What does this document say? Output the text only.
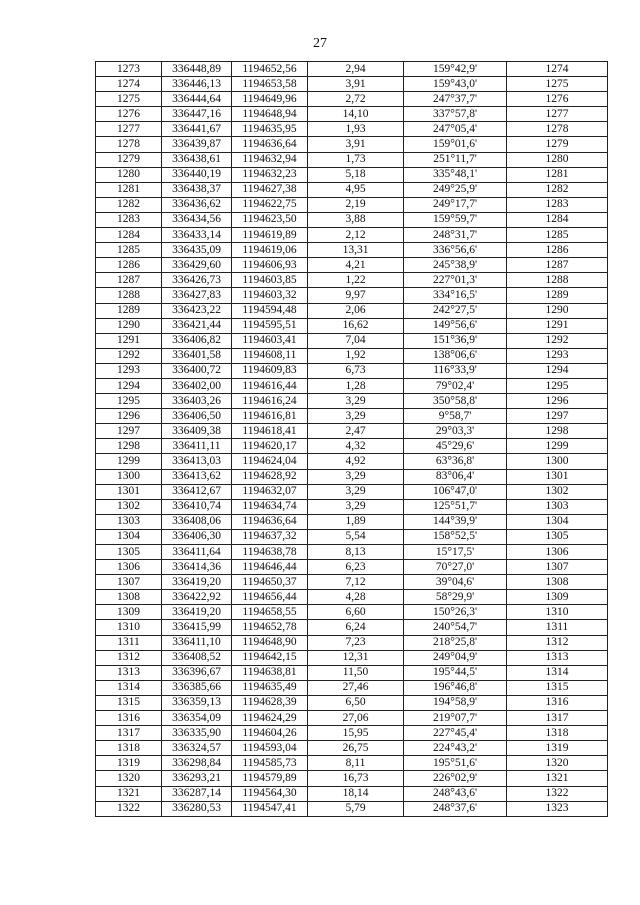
27
1273	336448,89	1194652,56	2,94	159°42,9'	1274
1274	336446,13	1194653,58	3,91	159°43,0'	1275
1275	336444,64	1194649,96	2,72	247°37,7'	1276
1276	336447,16	1194648,94	14,10	337°57,8'	1277
1277	336441,67	1194635,95	1,93	247°05,4'	1278
1278	336439,87	1194636,64	3,91	159°01,6'	1279
1279	336438,61	1194632,94	1,73	251°11,7'	1280
1280	336440,19	1194632,23	5,18	335°48,1'	1281
1281	336438,37	1194627,38	4,95	249°25,9'	1282
1282	336436,62	1194622,75	2,19	249°17,7'	1283
1283	336434,56	1194623,50	3,88	159°59,7'	1284
1284	336433,14	1194619,89	2,12	248°31,7'	1285
1285	336435,09	1194619,06	13,31	336°56,6'	1286
1286	336429,60	1194606,93	4,21	245°38,9'	1287
1287	336426,73	1194603,85	1,22	227°01,3'	1288
1288	336427,83	1194603,32	9,97	334°16,5'	1289
1289	336423,22	1194594,48	2,06	242°27,5'	1290
1290	336421,44	1194595,51	16,62	149°56,6'	1291
1291	336406,82	1194603,41	7,04	151°36,9'	1292
1292	336401,58	1194608,11	1,92	138°06,6'	1293
1293	336400,72	1194609,83	6,73	116°33,9'	1294
1294	336402,00	1194616,44	1,28	79°02,4'	1295
1295	336403,26	1194616,24	3,29	350°58,8'	1296
1296	336406,50	1194616,81	3,29	9°58,7'	1297
1297	336409,38	1194618,41	2,47	29°03,3'	1298
1298	336411,11	1194620,17	4,32	45°29,6'	1299
1299	336413,03	1194624,04	4,92	63°36,8'	1300
1300	336413,62	1194628,92	3,29	83°06,4'	1301
1301	336412,67	1194632,07	3,29	106°47,0'	1302
1302	336410,74	1194634,74	3,29	125°51,7'	1303
1303	336408,06	1194636,64	1,89	144°39,9'	1304
1304	336406,30	1194637,32	5,54	158°52,5'	1305
1305	336411,64	1194638,78	8,13	15°17,5'	1306
1306	336414,36	1194646,44	6,23	70°27,0'	1307
1307	336419,20	1194650,37	7,12	39°04,6'	1308
1308	336422,92	1194656,44	4,28	58°29,9'	1309
1309	336419,20	1194658,55	6,60	150°26,3'	1310
1310	336415,99	1194652,78	6,24	240°54,7'	1311
1311	336411,10	1194648,90	7,23	218°25,8'	1312
1312	336408,52	1194642,15	12,31	249°04,9'	1313
1313	336396,67	1194638,81	11,50	195°44,5'	1314
1314	336385,66	1194635,49	27,46	196°46,8'	1315
1315	336359,13	1194628,39	6,50	194°58,9'	1316
1316	336354,09	1194624,29	27,06	219°07,7'	1317
1317	336335,90	1194604,26	15,95	227°45,4'	1318
1318	336324,57	1194593,04	26,75	224°43,2'	1319
1319	336298,84	1194585,73	8,11	195°51,6'	1320
1320	336293,21	1194579,89	16,73	226°02,9'	1321
1321	336287,14	1194564,30	18,14	248°43,6'	1322
1322	336280,53	1194547,41	5,79	248°37,6'	1323
